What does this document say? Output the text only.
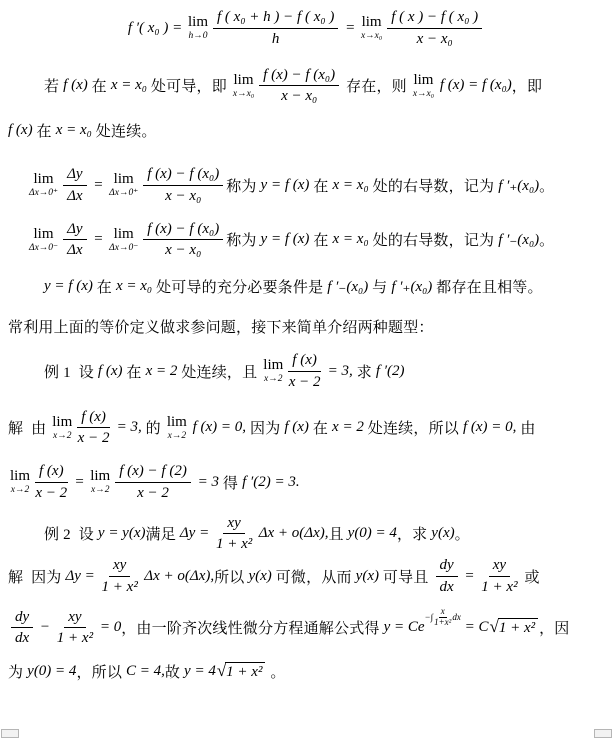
f ′( x₀ ) = lim
$h\to 0 \frac{\text{f ( x₀ + h ) − f ( x₀ )}}{h} = \lim$
$x\to x_0 \frac{\text{f ( x ) − f ( x₀ )}}{\text{x − x₀}}$
若 f (x) 在 x = x₀ 处可导，即 lim
$x\to x_0 \frac{\text{f (x) − f (x₀)}}{\text{x − x₀}}$ 存在，则 lim
x→x₀
f (x) = f (x₀) ，即
f (x) 在 x = x₀ 处连续。
lim
$\Delta x\to 0^+ \frac{\Delta y}{\Delta x} = \lim$
$\Delta x\to 0^+ \frac{\text{f (x) − f (x₀)}}{\text{x − x₀}}$ 称为 y = f (x) 在 x = x₀ 处的右导数，记为 f ′₊(x₀) 。
lim
$\Delta x\to 0^- \frac{\Delta y}{\Delta x} = \lim$
$\Delta x\to 0^- \frac{\text{f (x) − f (x₀)}}{\text{x − x₀}}$ 称为 y = f (x) 在 x = x₀ 处的右导数，记为 f ′₋(x₀) 。
y = f (x) 在 x = x₀ 处可导的充分必要条件是 f ′₋(x₀) 与 f ′₊(x₀) 都存在且相等。
常利用上面的等价定义做求参问题，接下来简单介绍两种题型：
例 1  设 f (x) 在 x = 2 处连续，且 lim
$x\to 2 \frac{f (x)}{x - 2} = 3$, 求 f ′(2)
解  由 lim
$x\to 2 \frac{f (x)}{x - 2} = 3$, 的 lim
x→2
f (x) = 0, 因为 f (x) 在 x = 2 处连续，所以 f (x) = 0, 由
lim
$x\to 2 \frac{f (x)}{x - 2} = \lim$
$x\to 2 \frac{f (x) - f (2)}{x - 2} = 3$ 得 f ′(2) = 3.
例 2  设 y = y(x) 满足 $\Delta y = \frac{xy}{\text{1 + x²}}$ Δx + o(Δx), 且 y(0) = 4 ，求 y(x) 。
解  因为 $\Delta y = \frac{xy}{\text{1 + x²}}$ Δx + o(Δx), 所以 y(x) 可微，从而 y(x) 可导且 $\frac{dy}{dx} = \frac{xy}{\text{1 + x²}}$ 或
$\frac{dy}{dx} - \frac{xy}{\text{1 + x²}} = 0$ ，由一阶齐次线性微分方程通解公式得 y = Ce
−∫ $\frac{x}{\text{1+x²}}$ dx
= C √ 1 + x² ，因
为 y(0) = 4 ，所以 C = 4, 故 y = 4 √ 1 + x² 。
